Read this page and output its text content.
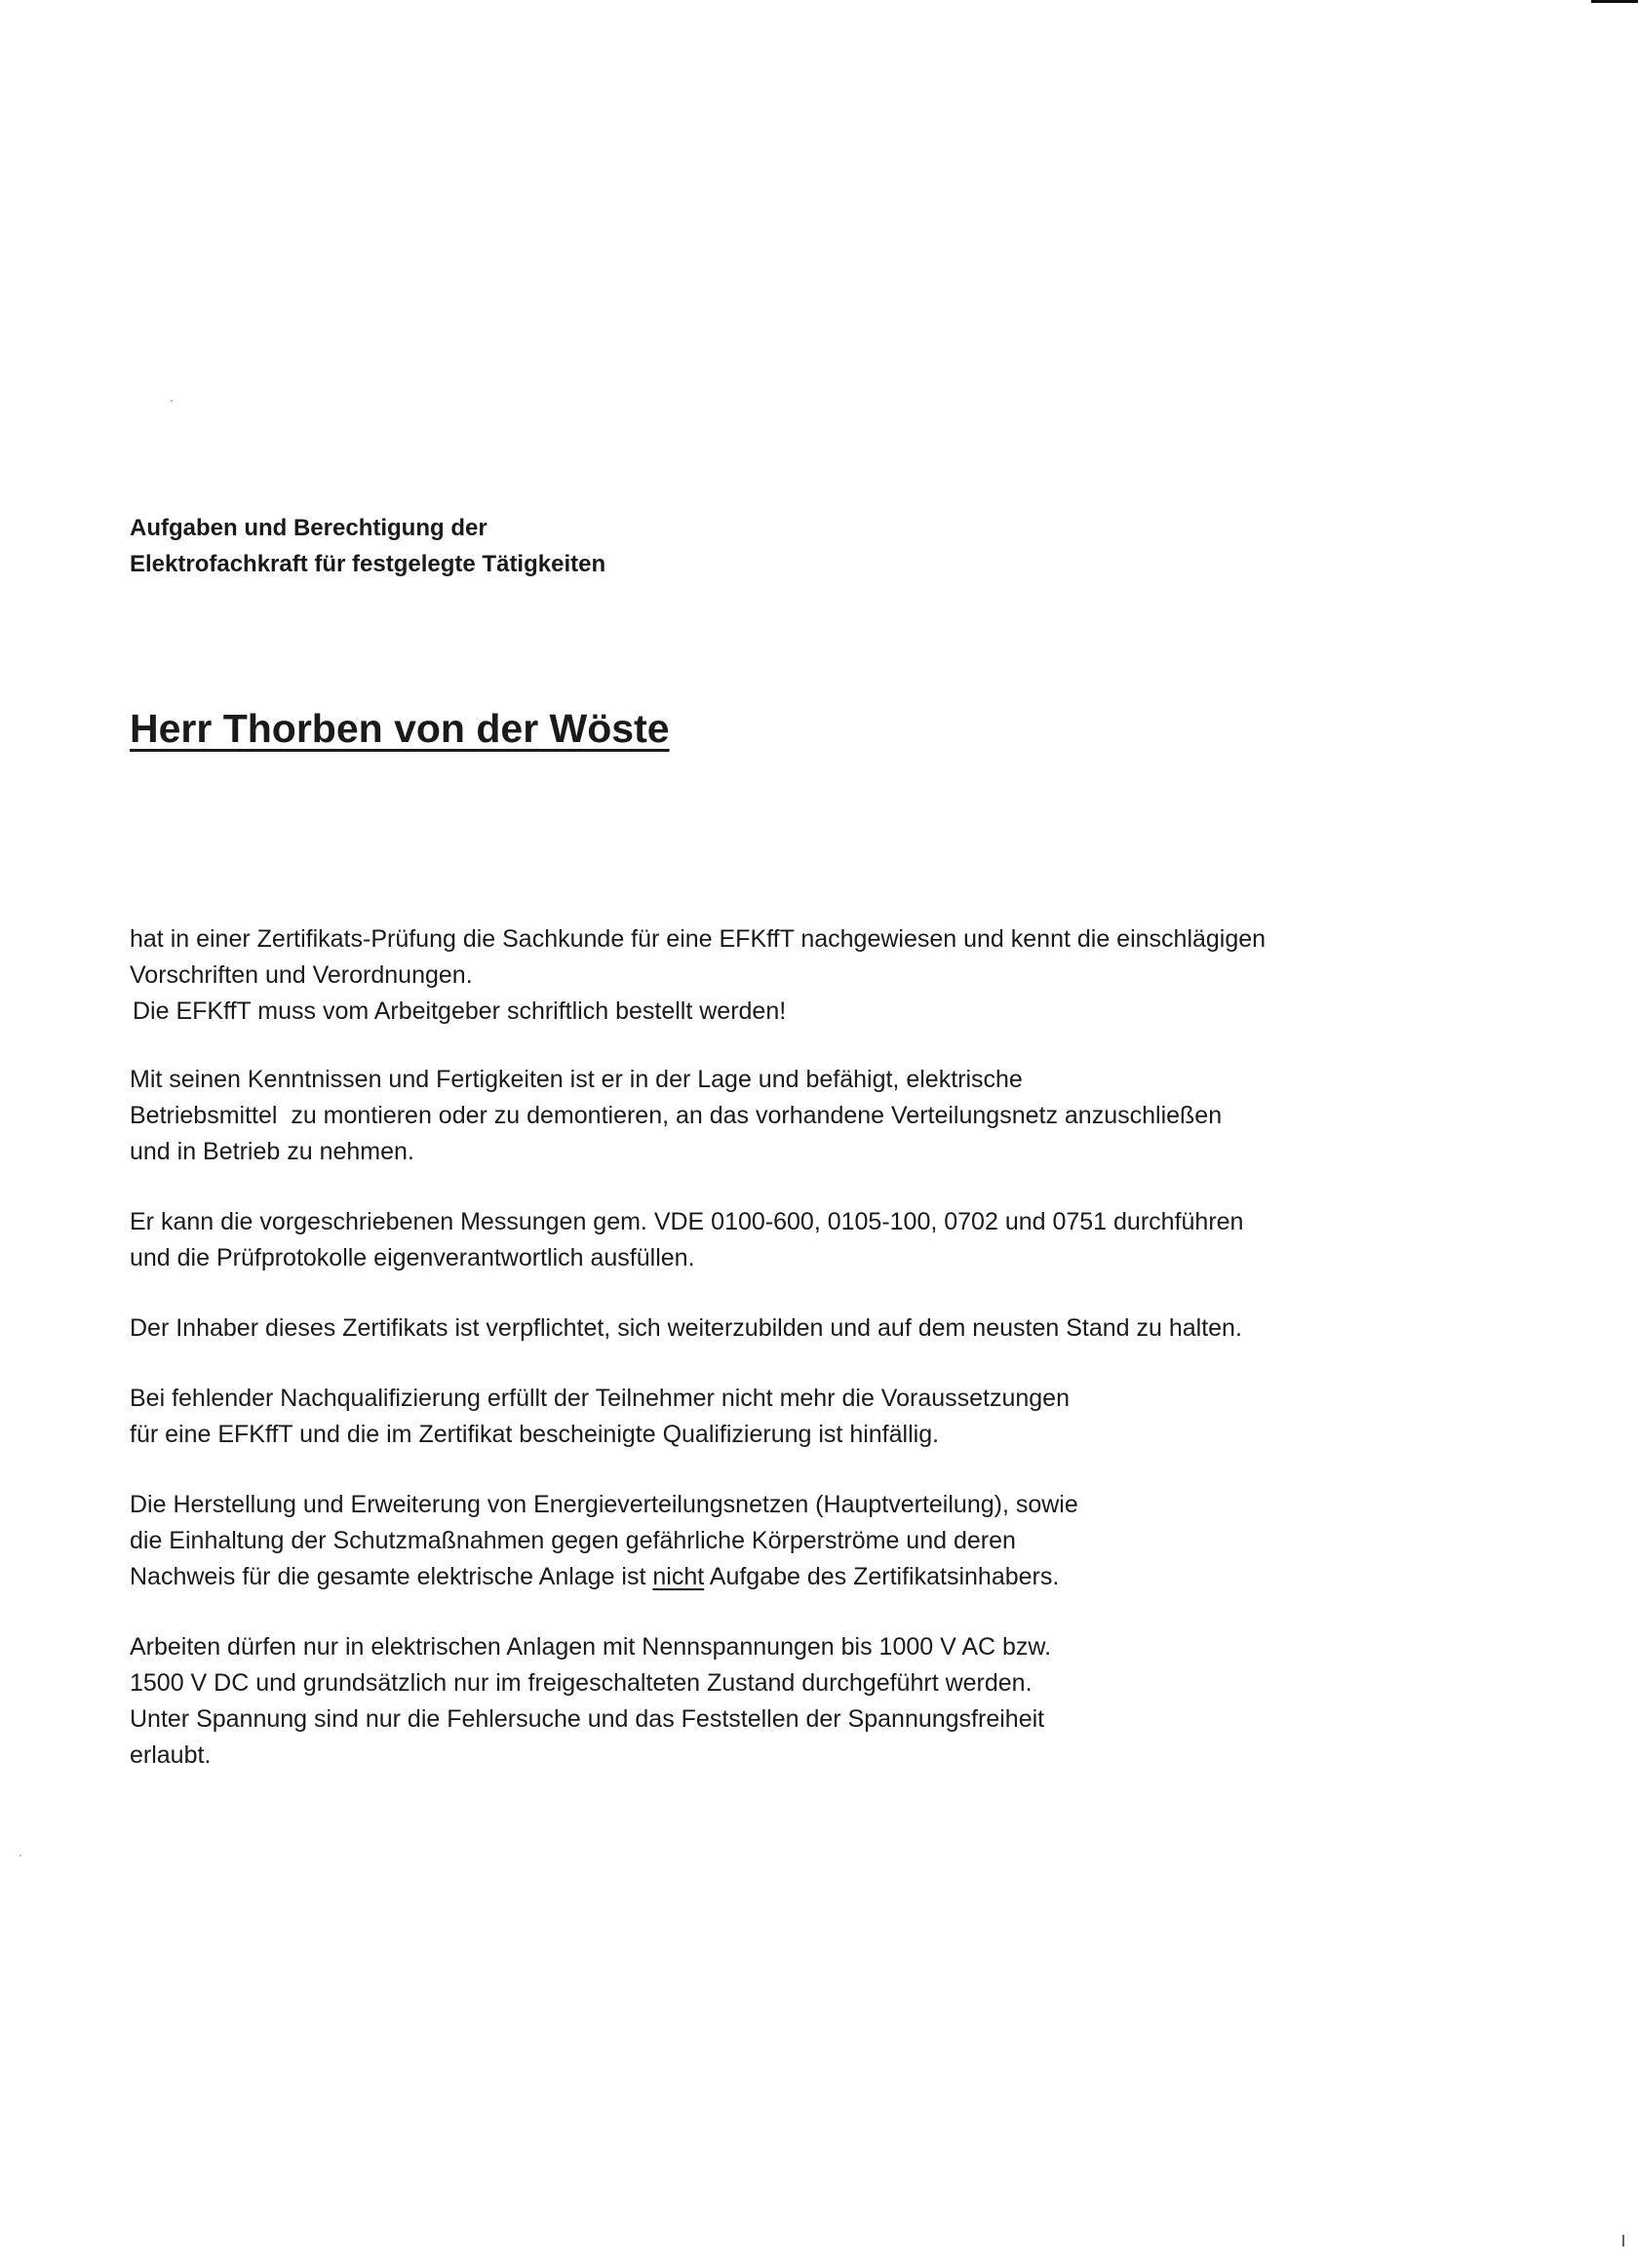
Aufgaben und Berechtigung der
Elektrofachkraft für festgelegte Tätigkeiten
Herr Thorben von der Wöste

hat in einer Zertifikats-Prüfung die Sachkunde für eine EFKffT nachgewiesen und kennt die einschlägigen
Vorschriften und Verordnungen.
Die EFKffT muss vom Arbeitgeber schriftlich bestellt werden!

Mit seinen Kenntnissen und Fertigkeiten ist er in der Lage und befähigt, elektrische
Betriebsmittel  zu montieren oder zu demontieren, an das vorhandene Verteilungsnetz anzuschließen
und in Betrieb zu nehmen.

Er kann die vorgeschriebenen Messungen gem. VDE 0100-600, 0105-100, 0702 und 0751 durchführen
und die Prüfprotokolle eigenverantwortlich ausfüllen.

Der Inhaber dieses Zertifikats ist verpflichtet, sich weiterzubilden und auf dem neusten Stand zu halten.

Bei fehlender Nachqualifizierung erfüllt der Teilnehmer nicht mehr die Voraussetzungen
für eine EFKffT und die im Zertifikat bescheinigte Qualifizierung ist hinfällig.

Die Herstellung und Erweiterung von Energieverteilungsnetzen (Hauptverteilung), sowie
die Einhaltung der Schutzmaßnahmen gegen gefährliche Körperströme und deren
Nachweis für die gesamte elektrische Anlage ist nicht Aufgabe des Zertifikatsinhabers.

Arbeiten dürfen nur in elektrischen Anlagen mit Nennspannungen bis 1000 V AC bzw.
1500 V DC und grundsätzlich nur im freigeschalteten Zustand durchgeführt werden.
Unter Spannung sind nur die Fehlersuche und das Feststellen der Spannungsfreiheit
erlaubt.
